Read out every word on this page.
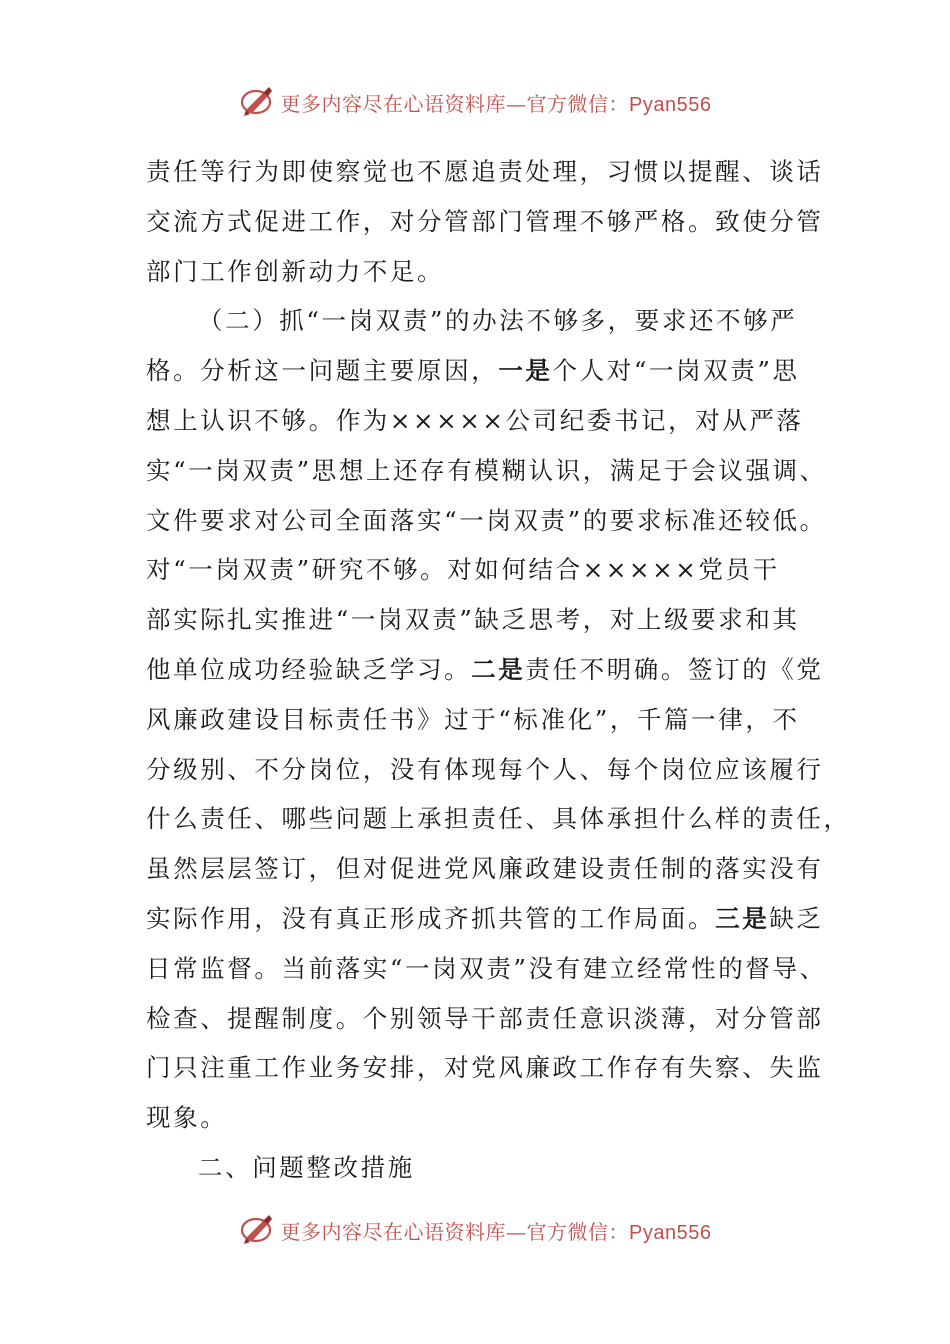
更多内容尽在心语资料库—官方微信：Pyan556
责任等行为即使察觉也不愿追责处理，习惯以提醒、谈话
交流方式促进工作，对分管部门管理不够严格。致使分管
部门工作创新动力不足。
（二）抓“一岗双责”的办法不够多，要求还不够严
格。分析这一问题主要原因，一是个人对“一岗双责”思
想上认识不够。作为×××××公司纪委书记，对从严落
实“一岗双责”思想上还存有模糊认识，满足于会议强调、
文件要求对公司全面落实“一岗双责”的要求标准还较低。
对“一岗双责”研究不够。对如何结合×××××党员干
部实际扎实推进“一岗双责”缺乏思考，对上级要求和其
他单位成功经验缺乏学习。二是责任不明确。签订的《党
风廉政建设目标责任书》过于“标准化”，千篇一律，不
分级别、不分岗位，没有体现每个人、每个岗位应该履行
什么责任、哪些问题上承担责任、具体承担什么样的责任，
虽然层层签订，但对促进党风廉政建设责任制的落实没有
实际作用，没有真正形成齐抓共管的工作局面。三是缺乏
日常监督。当前落实“一岗双责”没有建立经常性的督导、
检查、提醒制度。个别领导干部责任意识淡薄，对分管部
门只注重工作业务安排，对党风廉政工作存有失察、失监
现象。
二、问题整改措施
更多内容尽在心语资料库—官方微信：Pyan556
